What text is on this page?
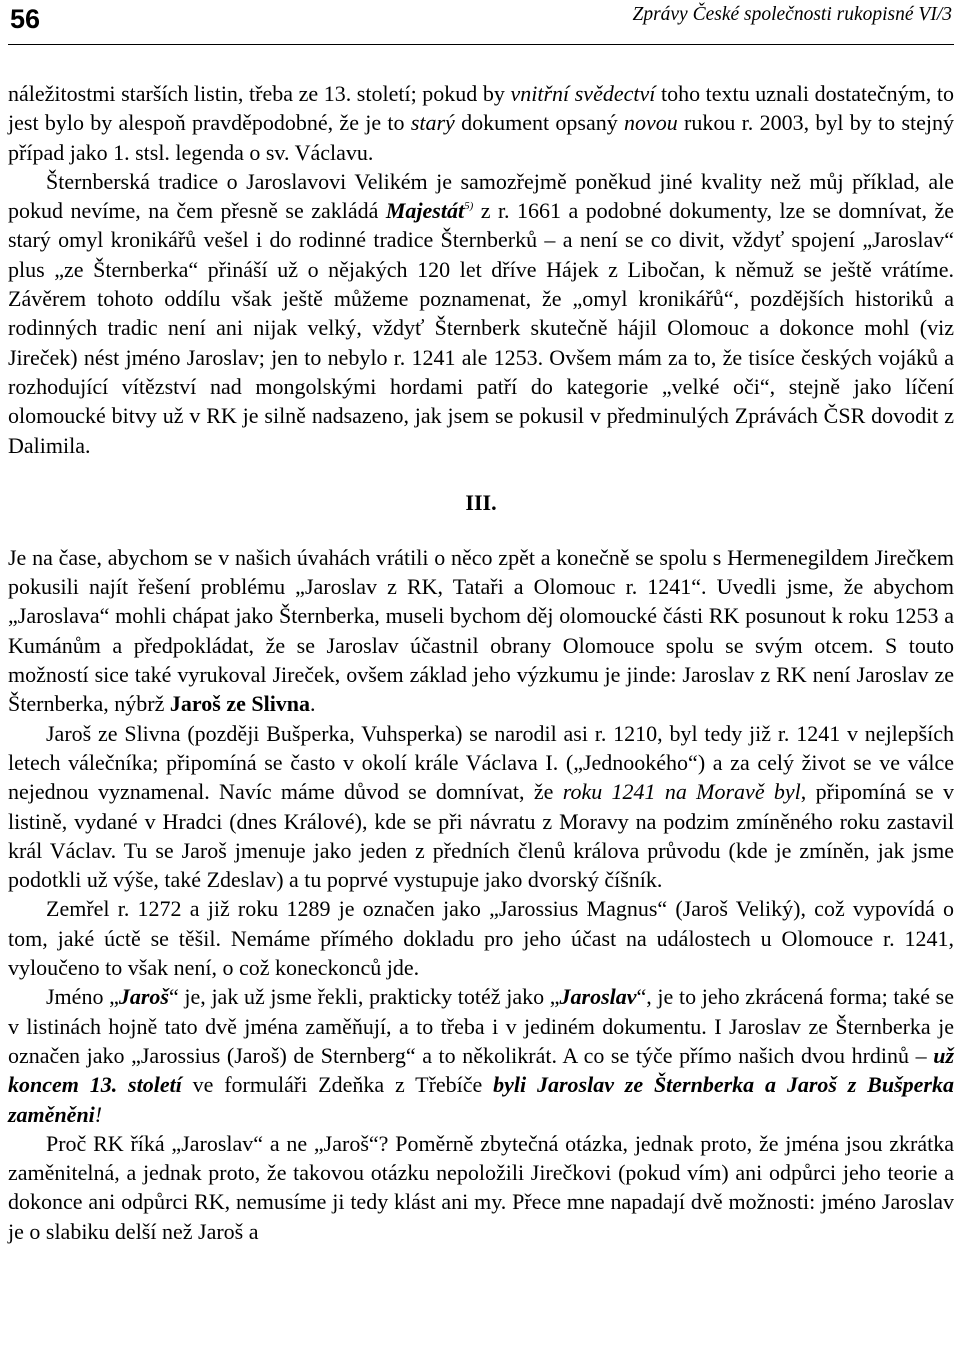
56	Zprávy České společnosti rukopisné VI/3

náležitostmi starších listin, třeba ze 13. století; pokud by vnitřní svědectví toho textu uznali dostatečným, to jest bylo by alespoň pravděpodobné, že je to starý dokument opsaný novou rukou r. 2003, byl by to stejný případ jako 1. stsl. legenda o sv. Václavu.

Šternberská tradice o Jaroslavovi Velikém je samozřejmě poněkud jiné kvality než můj příklad, ale pokud nevíme, na čem přesně se zakládá Majestát$^{5)}$ z r. 1661 a podobné dokumenty, lze se domnívat, že starý omyl kronikářů vešel i do rodinné tradice Šternberků – a není se co divit, vždyť spojení „Jaroslav“ plus „ze Šternberka“ přináší už o nějakých 120 let dříve Hájek z Libočan, k němuž se ještě vrátíme. Závěrem tohoto oddílu však ještě můžeme poznamenat, že „omyl kronikářů“, pozdějších historiků a rodinných tradic není ani nijak velký, vždyť Šternberk skutečně hájil Olomouc a dokonce mohl (viz Jireček) nést jméno Jaroslav; jen to nebylo r. 1241 ale 1253. Ovšem mám za to, že tisíce českých vojáků a rozhodující vítězství nad mongolskými hordami patří do kategorie „velké oči“, stejně jako líčení olomoucké bitvy už v RK je silně nadsazeno, jak jsem se pokusil v předminulých Zprávách ČSR dovodit z Dalimila.

III.

Je na čase, abychom se v našich úvahách vrátili o něco zpět a konečně se spolu s Hermenegildem Jirečkem pokusili najít řešení problému „Jaroslav z RK, Tataři a Olomouc r. 1241“. Uvedli jsme, že abychom „Jaroslava“ mohli chápat jako Šternberka, museli bychom děj olomoucké části RK posunout k roku 1253 a Kumánům a předpokládat, že se Jaroslav účastnil obrany Olomouce spolu se svým otcem. S touto možností sice také vyrukoval Jireček, ovšem základ jeho výzkumu je jinde: Jaroslav z RK není Jaroslav ze Šternberka, nýbrž Jaroš ze Slivna.

Jaroš ze Slivna (později Bušperka, Vuhsperka) se narodil asi r. 1210, byl tedy již r. 1241 v nejlepších letech válečníka; připomíná se často v okolí krále Václava I. („Jednookého“) a za celý život se ve válce nejednou vyznamenal. Navíc máme důvod se domnívat, že roku 1241 na Moravě byl, připomíná se v listině, vydané v Hradci (dnes Králové), kde se při návratu z Moravy na podzim zmíněného roku zastavil král Václav. Tu se Jaroš jmenuje jako jeden z předních členů králova průvodu (kde je zmíněn, jak jsme podotkli už výše, také Zdeslav) a tu poprvé vystupuje jako dvorský číšník.

Zemřel r. 1272 a již roku 1289 je označen jako „Jarossius Magnus“ (Jaroš Veliký), což vypovídá o tom, jaké úctě se těšil. Nemáme přímého dokladu pro jeho účast na událostech u Olomouce r. 1241, vyloučeno to však není, o což koneckonců jde.

Jméno „Jaroš“ je, jak už jsme řekli, prakticky totéž jako „Jaroslav“, je to jeho zkrácená forma; také se v listinách hojně tato dvě jména zaměňují, a to třeba i v jediném dokumentu. I Jaroslav ze Šternberka je označen jako „Jarossius (Jaroš) de Sternberg“ a to několikrát. A co se týče přímo našich dvou hrdinů – už koncem 13. století ve formuláři Zdeňka z Třebíče byli Jaroslav ze Šternberka a Jaroš z Bušperka zaměněni!

Proč RK říká „Jaroslav“ a ne „Jaroš“? Poměrně zbytečná otázka, jednak proto, že jména jsou zkrátka zaměnitelná, a jednak proto, že takovou otázku nepoložili Jirečkovi (pokud vím) ani odpůrci jeho teorie a dokonce ani odpůrci RK, nemusíme ji tedy klást ani my. Přece mne napadají dvě možnosti: jméno Jaroslav je o slabiku delší než Jaroš a
